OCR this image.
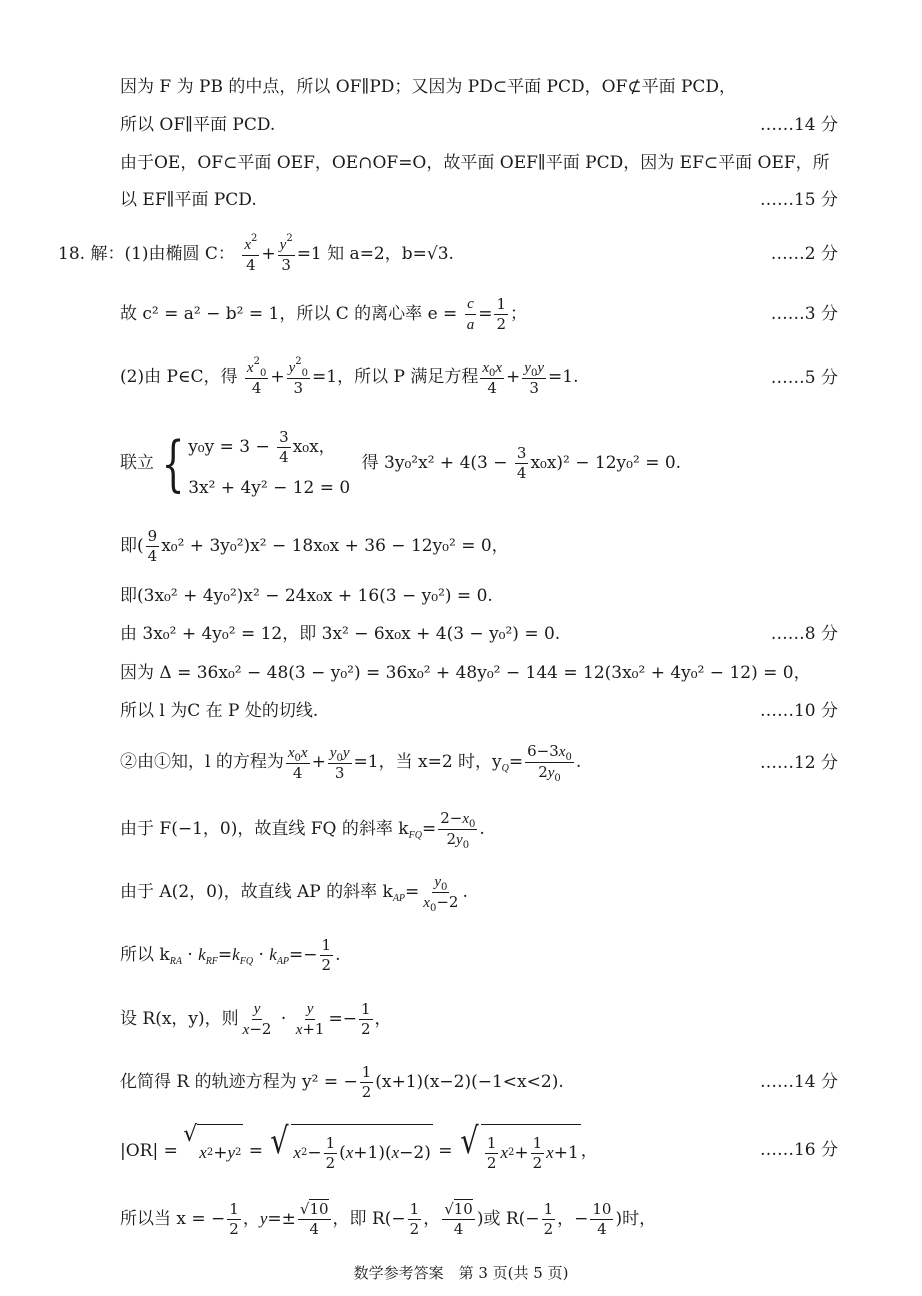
因为 F 为 PB 的中点，所以 OF∥PD；又因为 PD⊂平面 PCD，OF⊄平面 PCD，
所以 OF∥平面 PCD.	……14 分
由于OE，OF⊂平面 OEF，OE∩OF=O，故平面 OEF∥平面 PCD，因为 EF⊂平面 OEF，所
以 EF∥平面 PCD.	……15 分
18. 解：(1)由椭圆 C： $\frac{x^2}{4} + \frac{y^2}{3} =1$ 知 a=2，b=√3.	……2 分
故 c² = a² − b² = 1，所以 C 的离心率 $e = \frac{c}{a} = \frac{1}{2}$ ；	……3 分
(2)由 P∈C，得 $\frac{x^2_0}{4} + \frac{y^2_0}{3} =1$，所以 P 满足方程 $\frac{x_0x}{4} + \frac{y_0y}{3} =1$.	……5 分
联立 { $y_0y = 3 - \frac{3}{4} x_0x$，
3x² + 4y² − 12 = 0
得 $3y_0^2x^2 + 4(3 - \frac{3}{4} x_0x)^2 - 12y_0^2 = 0$.
即( $\frac{9}{4} x_0^2 + 3y_0^2)x^2 - 18x_0x + 36 - 12y_0^2 = 0$，
即(3x₀² + 4y₀²)x² − 24x₀x + 16(3 − y₀²) = 0.
由 3x₀² + 4y₀² = 12，即 3x² − 6x₀x + 4(3 − y₀²) = 0.	……8 分
因为 Δ = 36x₀² − 48(3 − y₀²) = 36x₀² + 48y₀² − 144 = 12(3x₀² + 4y₀² − 12) = 0，
所以 l 为C 在 P 处的切线.	……10 分
②由①知，l 的方程为 $\frac{x_0x}{4} + \frac{y_0y}{3} =1$，当 x=2 时，$y_Q= \frac{6-3x_0}{2y_0}$ .	……12 分
由于 F(−1，0)，故直线 FQ 的斜率 $k_{FQ}= \frac{2-x_0}{2y_0}$ .
由于 A(2，0)，故直线 AP 的斜率 $k_{AP}= \frac{y_0}{x_0-2}$ .
所以 $k_{RA} \cdot k_{RF}=k_{FQ} \cdot k_{AP}=- \frac{1}{2}$ .
设 R(x，y)，则 $\frac{y}{x-2} \cdot \frac{y}{x+1} =- \frac{1}{2}$ ，
化简得 R 的轨迹方程为 y² = − $\frac{1}{2} (x+1)(x-2)(-1<x<2)$.	……14 分
|OR| =
√
x 2 + y 2 = √ x $2 - \frac{1}{2}$ ( x +1)( x −2) = √ $\frac{1}{2}$ x $2 + \frac{1}{2}$ x +1 ，	……16 分
所以当 x = − $\frac{1}{2}$ ，$y=\pm \frac{√10}{4}$ ，即 $R(- \frac{1}{2}$ ， $\frac{√10}{4}$ )或 $R(- \frac{1}{2}$ ，− $\frac{10}{4}$ )时，
数学参考答案　第 3 页(共 5 页)
